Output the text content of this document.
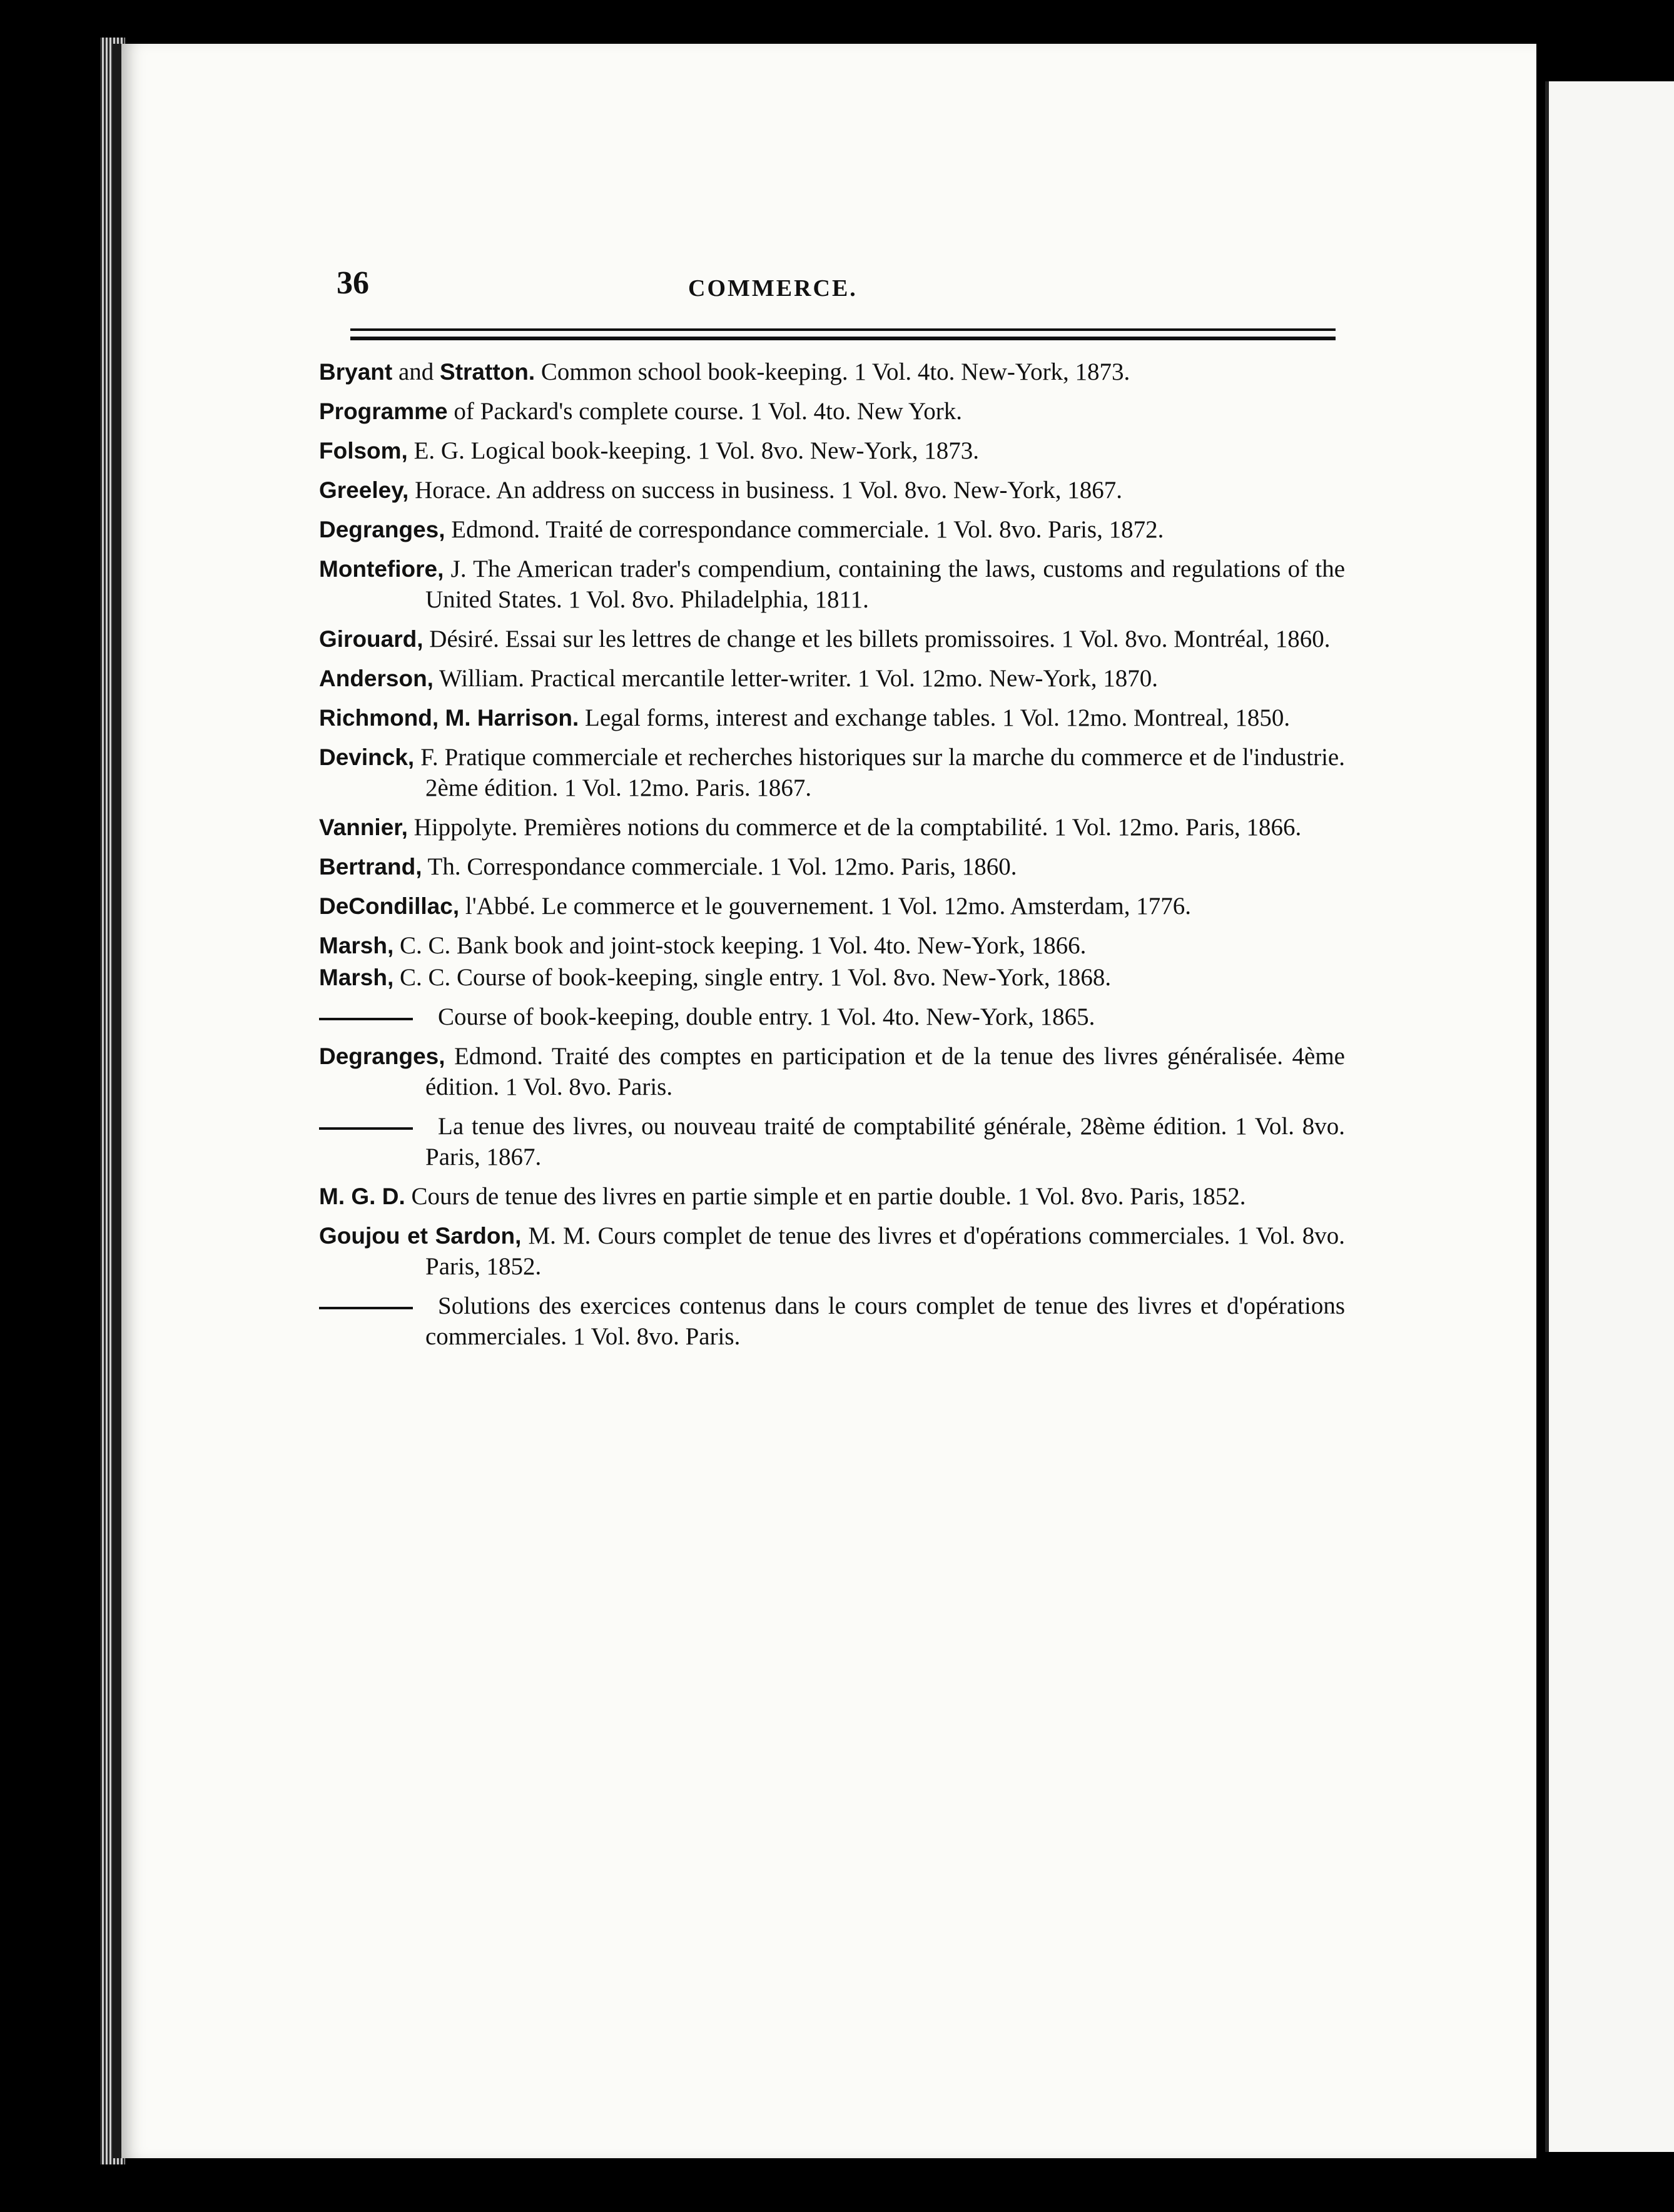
36	COMMERCE.
Bryant and Stratton. Common school book-keeping. 1 Vol. 4to. New-York, 1873.
Programme of Packard's complete course. 1 Vol. 4to. New York.
Folsom, E. G. Logical book-keeping. 1 Vol. 8vo. New-York, 1873.
Greeley, Horace. An address on success in business. 1 Vol. 8vo. New-York, 1867.
Degranges, Edmond. Traité de correspondance commerciale. 1 Vol. 8vo. Paris, 1872.
Montefiore, J. The American trader's compendium, containing the laws, customs and regulations of the United States. 1 Vol. 8vo. Philadelphia, 1811.
Girouard, Désiré. Essai sur les lettres de change et les billets promissoires. 1 Vol. 8vo. Montréal, 1860.
Anderson, William. Practical mercantile letter-writer. 1 Vol. 12mo. New-York, 1870.
Richmond, M. Harrison. Legal forms, interest and exchange tables. 1 Vol. 12mo. Montreal, 1850.
Devinck, F. Pratique commerciale et recherches historiques sur la marche du commerce et de l'industrie. 2ème édition. 1 Vol. 12mo. Paris. 1867.
Vannier, Hippolyte. Premières notions du commerce et de la comptabilité. 1 Vol. 12mo. Paris, 1866.
Bertrand, Th. Correspondance commerciale. 1 Vol. 12mo. Paris, 1860.
DeCondillac, l'Abbé. Le commerce et le gouvernement. 1 Vol. 12mo. Amsterdam, 1776.
Marsh, C. C. Bank book and joint-stock keeping. 1 Vol. 4to. New-York, 1866.
Marsh, C. C. Course of book-keeping, single entry. 1 Vol. 8vo. New-York, 1868.
Course of book-keeping, double entry. 1 Vol. 4to. New-York, 1865.
Degranges, Edmond. Traité des comptes en participation et de la tenue des livres généralisée. 4ème édition. 1 Vol. 8vo. Paris.
La tenue des livres, ou nouveau traité de comptabilité générale, 28ème édition. 1 Vol. 8vo. Paris, 1867.
M. G. D. Cours de tenue des livres en partie simple et en partie double. 1 Vol. 8vo. Paris, 1852.
Goujou et Sardon, M. M. Cours complet de tenue des livres et d'opérations commerciales. 1 Vol. 8vo. Paris, 1852.
Solutions des exercices contenus dans le cours complet de tenue des livres et d'opérations commerciales. 1 Vol. 8vo. Paris.
